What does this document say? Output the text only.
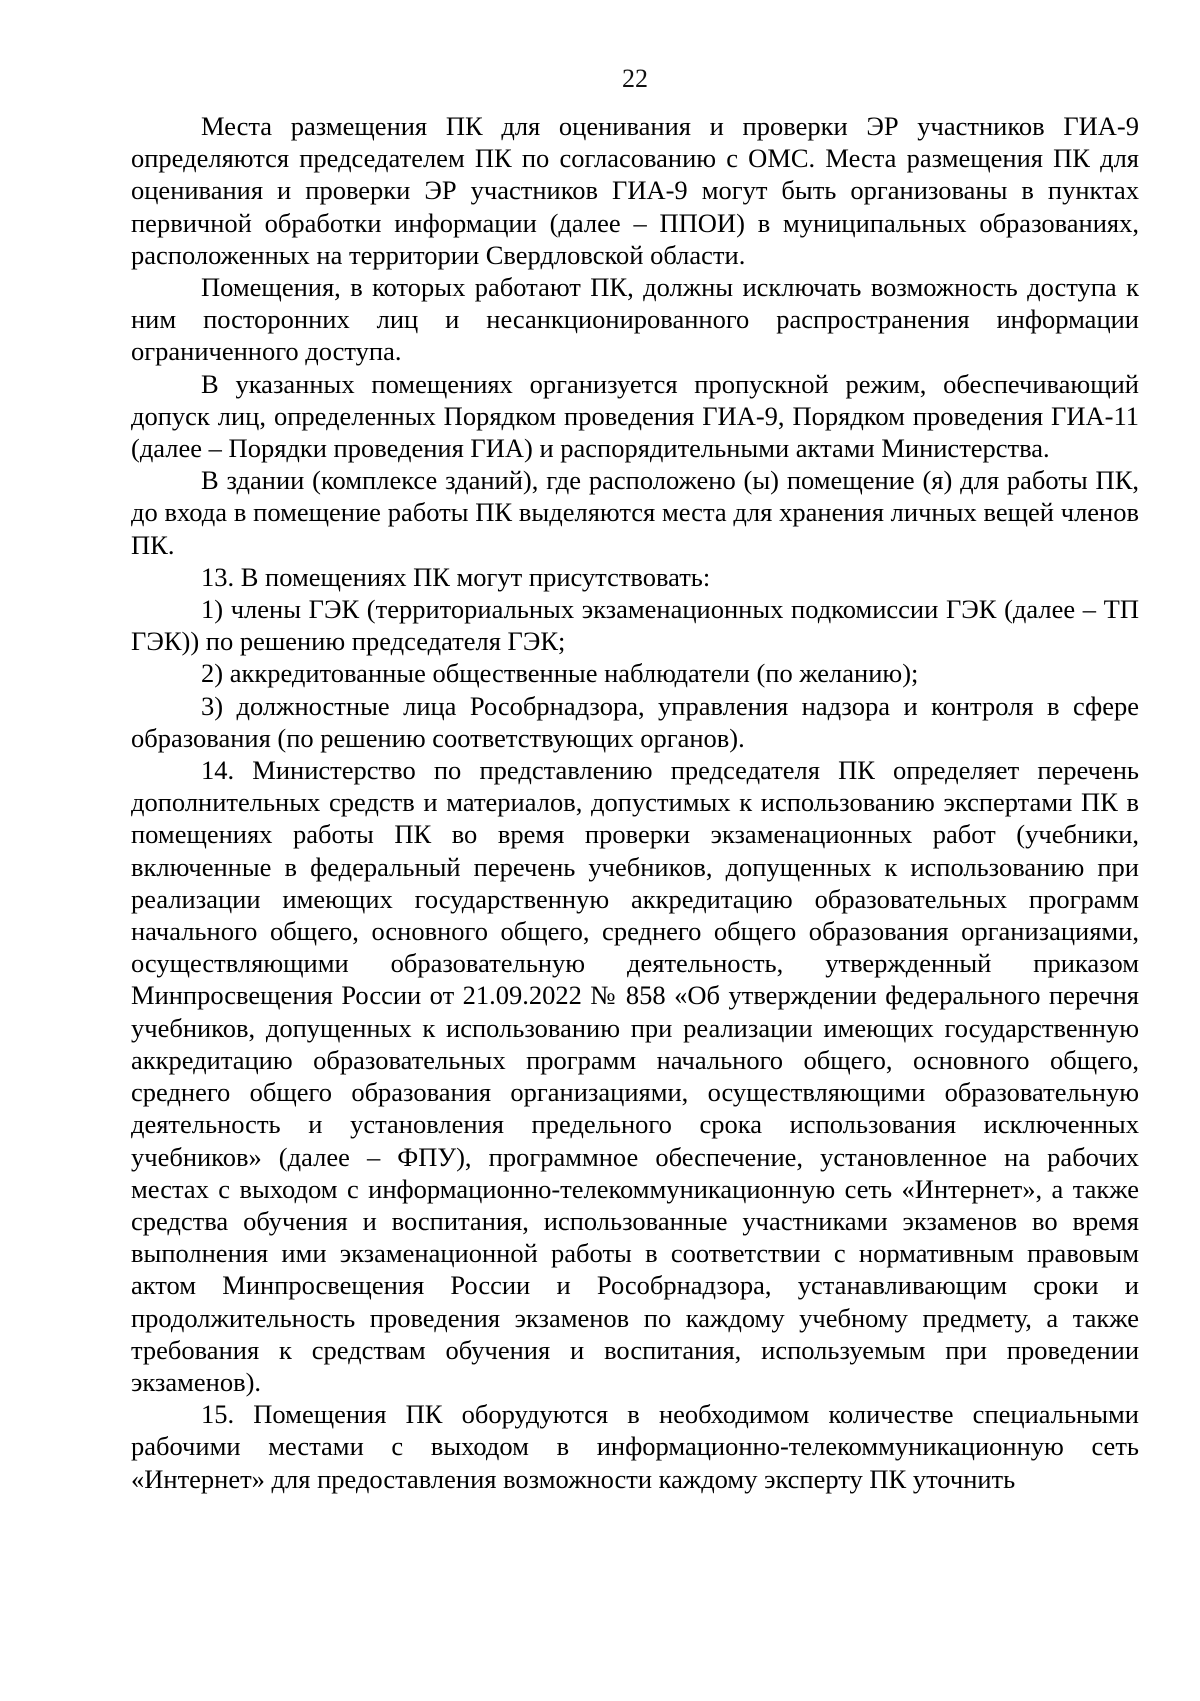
22

Места размещения ПК для оценивания и проверки ЭР участников ГИА-9 определяются председателем ПК по согласованию с ОМС. Места размещения ПК для оценивания и проверки ЭР участников ГИА-9 могут быть организованы в пунктах первичной обработки информации (далее – ППОИ) в муниципальных образованиях, расположенных на территории Свердловской области.

Помещения, в которых работают ПК, должны исключать возможность доступа к ним посторонних лиц и несанкционированного распространения информации ограниченного доступа.

В указанных помещениях организуется пропускной режим, обеспечивающий допуск лиц, определенных Порядком проведения ГИА-9, Порядком проведения ГИА-11 (далее – Порядки проведения ГИА) и распорядительными актами Министерства.

В здании (комплексе зданий), где расположено (ы) помещение (я) для работы ПК, до входа в помещение работы ПК выделяются места для хранения личных вещей членов ПК.

13. В помещениях ПК могут присутствовать:

1) члены ГЭК (территориальных экзаменационных подкомиссии ГЭК (далее – ТП ГЭК)) по решению председателя ГЭК;

2) аккредитованные общественные наблюдатели (по желанию);

3) должностные лица Рособрнадзора, управления надзора и контроля в сфере образования (по решению соответствующих органов).

14. Министерство по представлению председателя ПК определяет перечень дополнительных средств и материалов, допустимых к использованию экспертами ПК в помещениях работы ПК во время проверки экзаменационных работ (учебники, включенные в федеральный перечень учебников, допущенных к использованию при реализации имеющих государственную аккредитацию образовательных программ начального общего, основного общего, среднего общего образования организациями, осуществляющими образовательную деятельность, утвержденный приказом Минпросвещения России от 21.09.2022 № 858 «Об утверждении федерального перечня учебников, допущенных к использованию при реализации имеющих государственную аккредитацию образовательных программ начального общего, основного общего, среднего общего образования организациями, осуществляющими образовательную деятельность и установления предельного срока использования исключенных учебников» (далее – ФПУ), программное обеспечение, установленное на рабочих местах с выходом с информационно-телекоммуникационную сеть «Интернет», а также средства обучения и воспитания, использованные участниками экзаменов во время выполнения ими экзаменационной работы в соответствии с нормативным правовым актом Минпросвещения России и Рособрнадзора, устанавливающим сроки и продолжительность проведения экзаменов по каждому учебному предмету, а также требования к средствам обучения и воспитания, используемым при проведении экзаменов).

15. Помещения ПК оборудуются в необходимом количестве специальными рабочими местами с выходом в информационно-телекоммуникационную сеть «Интернет» для предоставления возможности каждому эксперту ПК уточнить
